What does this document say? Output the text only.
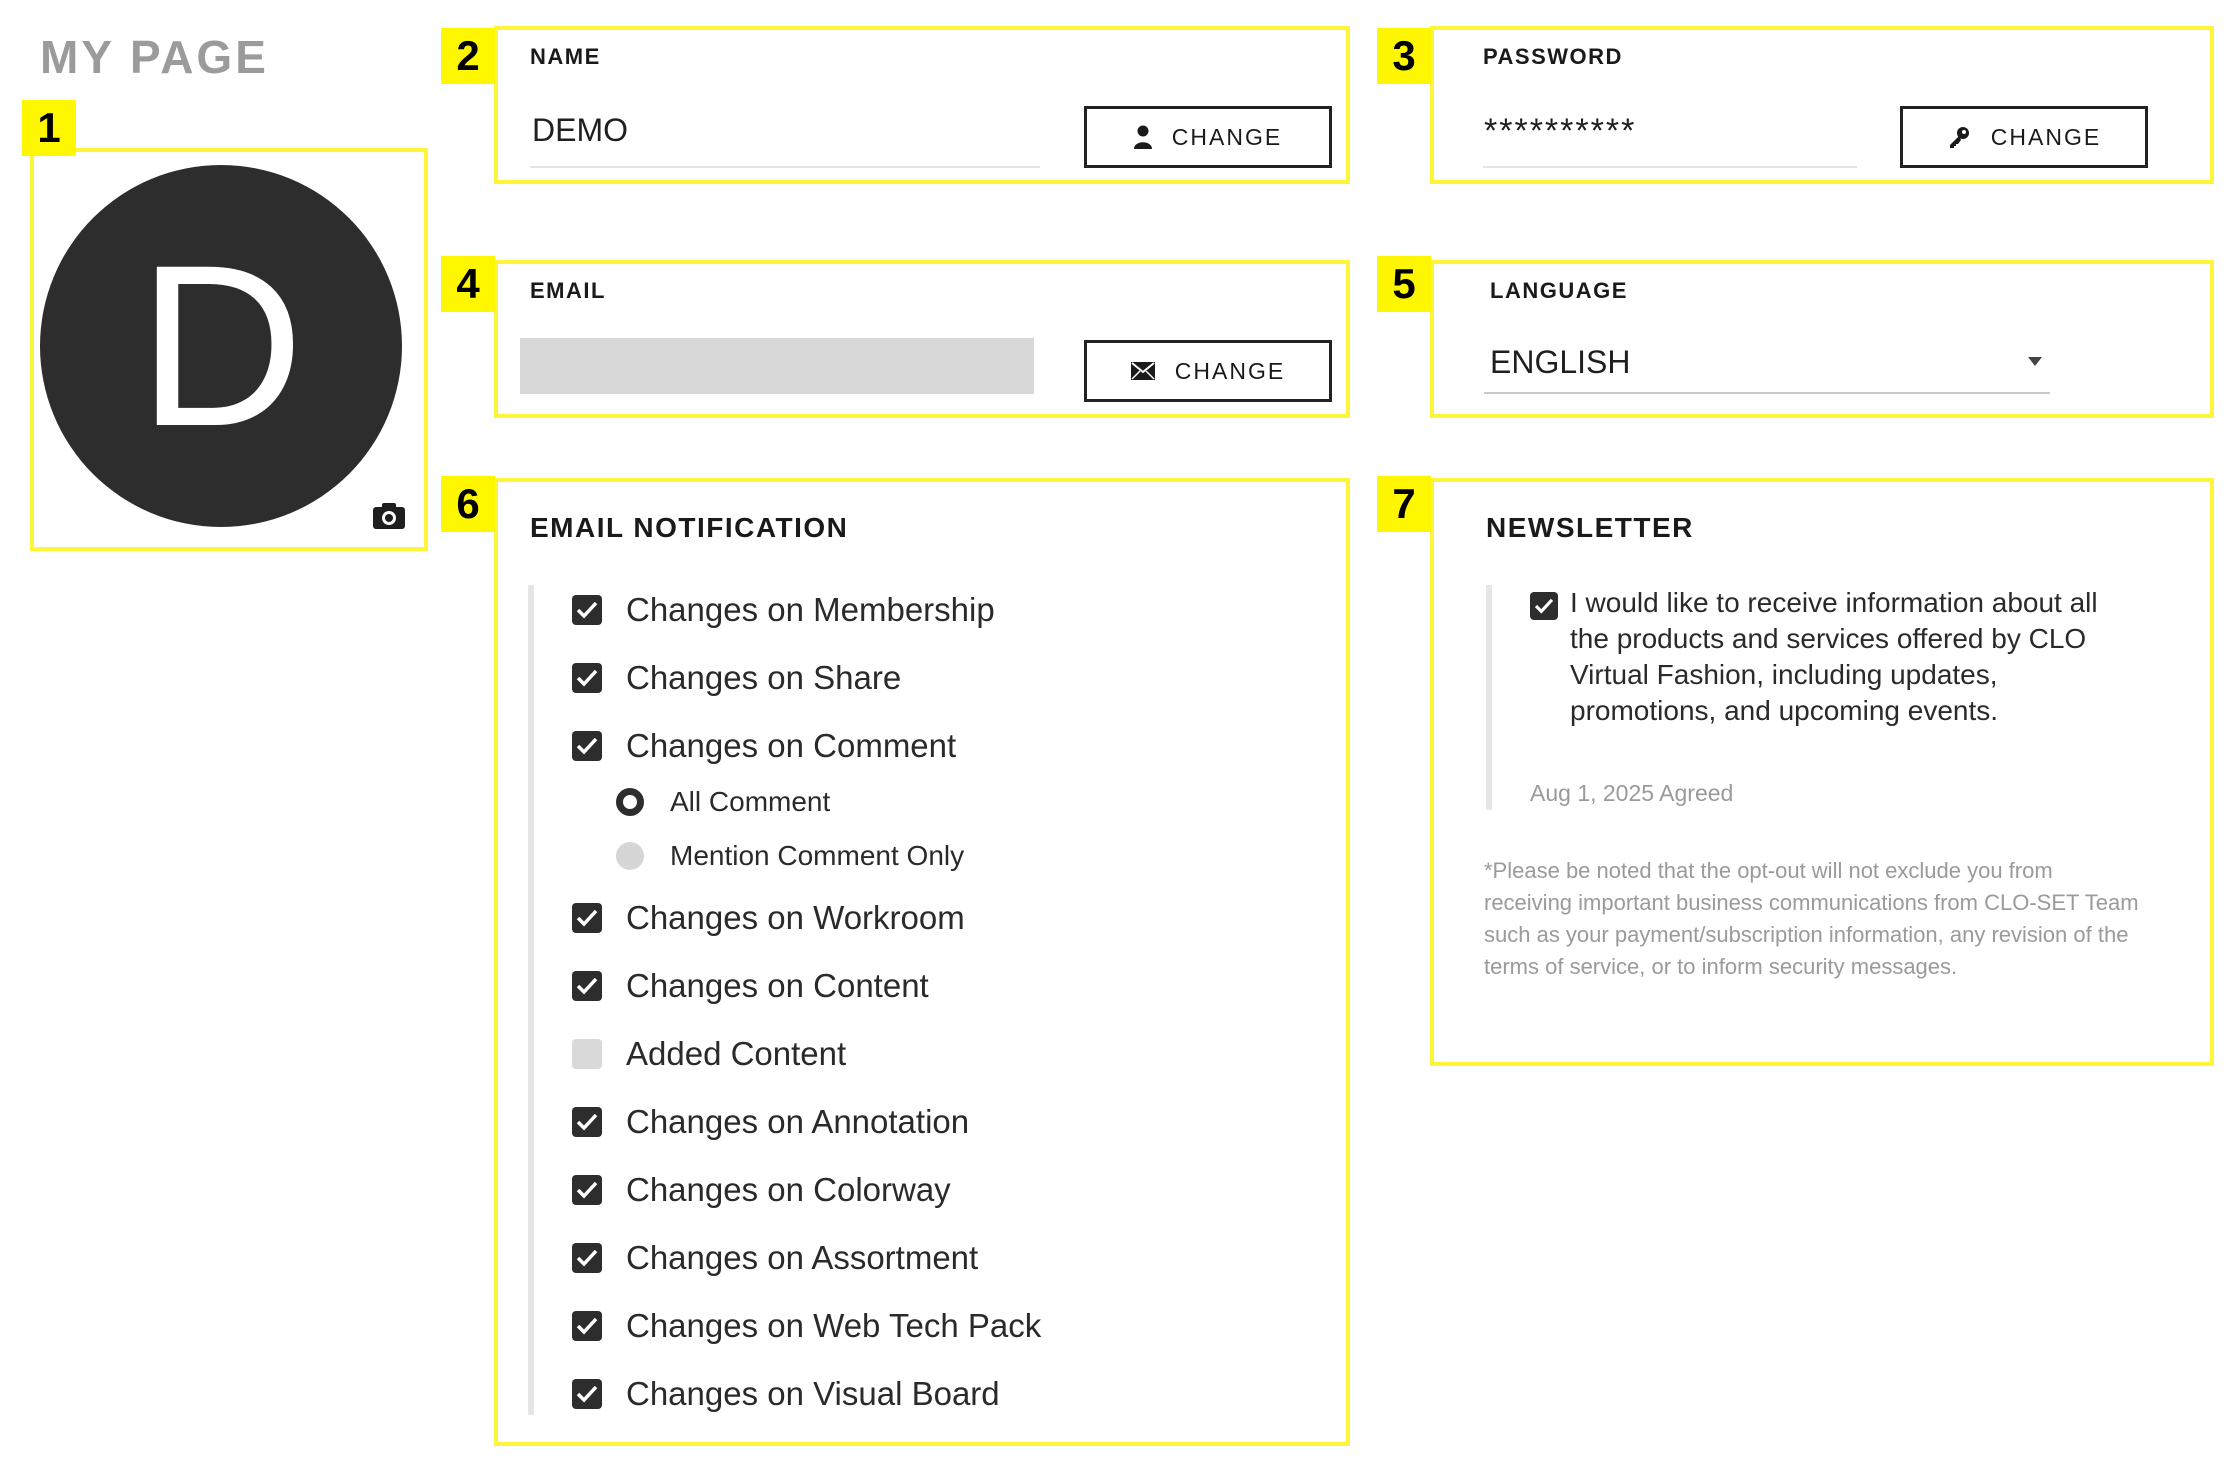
MY PAGE
1
2	3
4	5
6	7
D
NAME
DEMO	CHANGE
PASSWORD
**********	CHANGE
EMAIL
CHANGE
LANGUAGE
ENGLISH
EMAIL NOTIFICATION
Changes on Membership
Changes on Share
Changes on Comment
All Comment
Mention Comment Only
Changes on Workroom
Changes on Content
Added Content
Changes on Annotation
Changes on Colorway
Changes on Assortment
Changes on Web Tech Pack
Changes on Visual Board
NEWSLETTER
I would like to receive information about all the products and services offered by CLO Virtual Fashion, including updates, promotions, and upcoming events.
Aug 1, 2025 Agreed
*Please be noted that the opt-out will not exclude you from receiving important business communications from CLO-SET Team such as your payment/subscription information, any revision of the terms of service, or to inform security messages.
